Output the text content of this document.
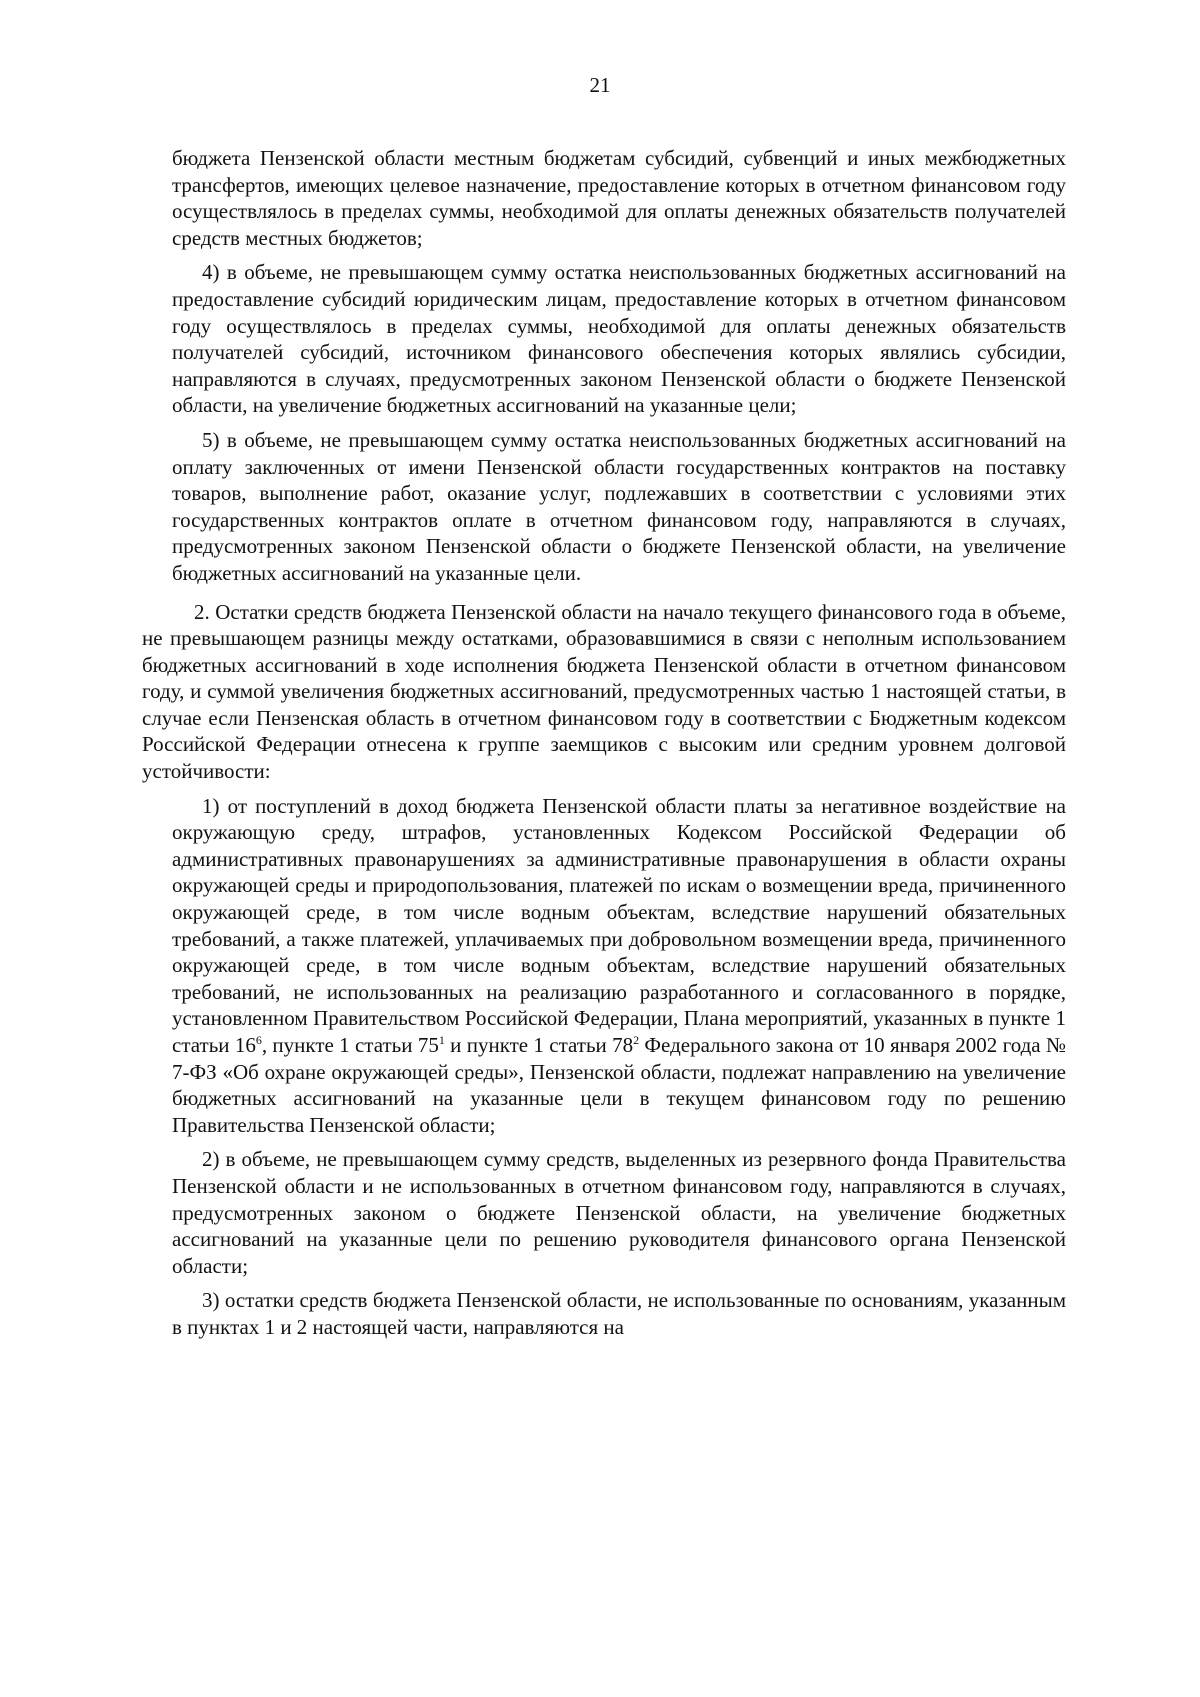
21

бюджета Пензенской области местным бюджетам субсидий, субвенций и иных межбюджетных трансфертов, имеющих целевое назначение, предоставление которых в отчетном финансовом году осуществлялось в пределах суммы, необходимой для оплаты денежных обязательств получателей средств местных бюджетов;

4) в объеме, не превышающем сумму остатка неиспользованных бюджетных ассигнований на предоставление субсидий юридическим лицам, предоставление которых в отчетном финансовом году осуществлялось в пределах суммы, необходимой для оплаты денежных обязательств получателей субсидий, источником финансового обеспечения которых являлись субсидии, направляются в случаях, предусмотренных законом Пензенской области о бюджете Пензенской области, на увеличение бюджетных ассигнований на указанные цели;

5) в объеме, не превышающем сумму остатка неиспользованных бюджетных ассигнований на оплату заключенных от имени Пензенской области государственных контрактов на поставку товаров, выполнение работ, оказание услуг, подлежавших в соответствии с условиями этих государственных контрактов оплате в отчетном финансовом году, направляются в случаях, предусмотренных законом Пензенской области о бюджете Пензенской области, на увеличение бюджетных ассигнований на указанные цели.

2. Остатки средств бюджета Пензенской области на начало текущего финансового года в объеме, не превышающем разницы между остатками, образовавшимися в связи с неполным использованием бюджетных ассигнований в ходе исполнения бюджета Пензенской области в отчетном финансовом году, и суммой увеличения бюджетных ассигнований, предусмотренных частью 1 настоящей статьи, в случае если Пензенская область в отчетном финансовом году в соответствии с Бюджетным кодексом Российской Федерации отнесена к группе заемщиков с высоким или средним уровнем долговой устойчивости:

1) от поступлений в доход бюджета Пензенской области платы за негативное воздействие на окружающую среду, штрафов, установленных Кодексом Российской Федерации об административных правонарушениях за административные правонарушения в области охраны окружающей среды и природопользования, платежей по искам о возмещении вреда, причиненного окружающей среде, в том числе водным объектам, вследствие нарушений обязательных требований, а также платежей, уплачиваемых при добровольном возмещении вреда, причиненного окружающей среде, в том числе водным объектам, вследствие нарушений обязательных требований, не использованных на реализацию разработанного и согласованного в порядке, установленном Правительством Российской Федерации, Плана мероприятий, указанных в пункте 1 статьи $16^6$, пункте 1 статьи $75^1$ и пункте 1 статьи $78^2$ Федерального закона от 10 января 2002 года № 7-ФЗ «Об охране окружающей среды», Пензенской области, подлежат направлению на увеличение бюджетных ассигнований на указанные цели в текущем финансовом году по решению Правительства Пензенской области;

2) в объеме, не превышающем сумму средств, выделенных из резервного фонда Правительства Пензенской области и не использованных в отчетном финансовом году, направляются в случаях, предусмотренных законом о бюджете Пензенской области, на увеличение бюджетных ассигнований на указанные цели по решению руководителя финансового органа Пензенской области;

3) остатки средств бюджета Пензенской области, не использованные по основаниям, указанным в пунктах 1 и 2 настоящей части, направляются на
